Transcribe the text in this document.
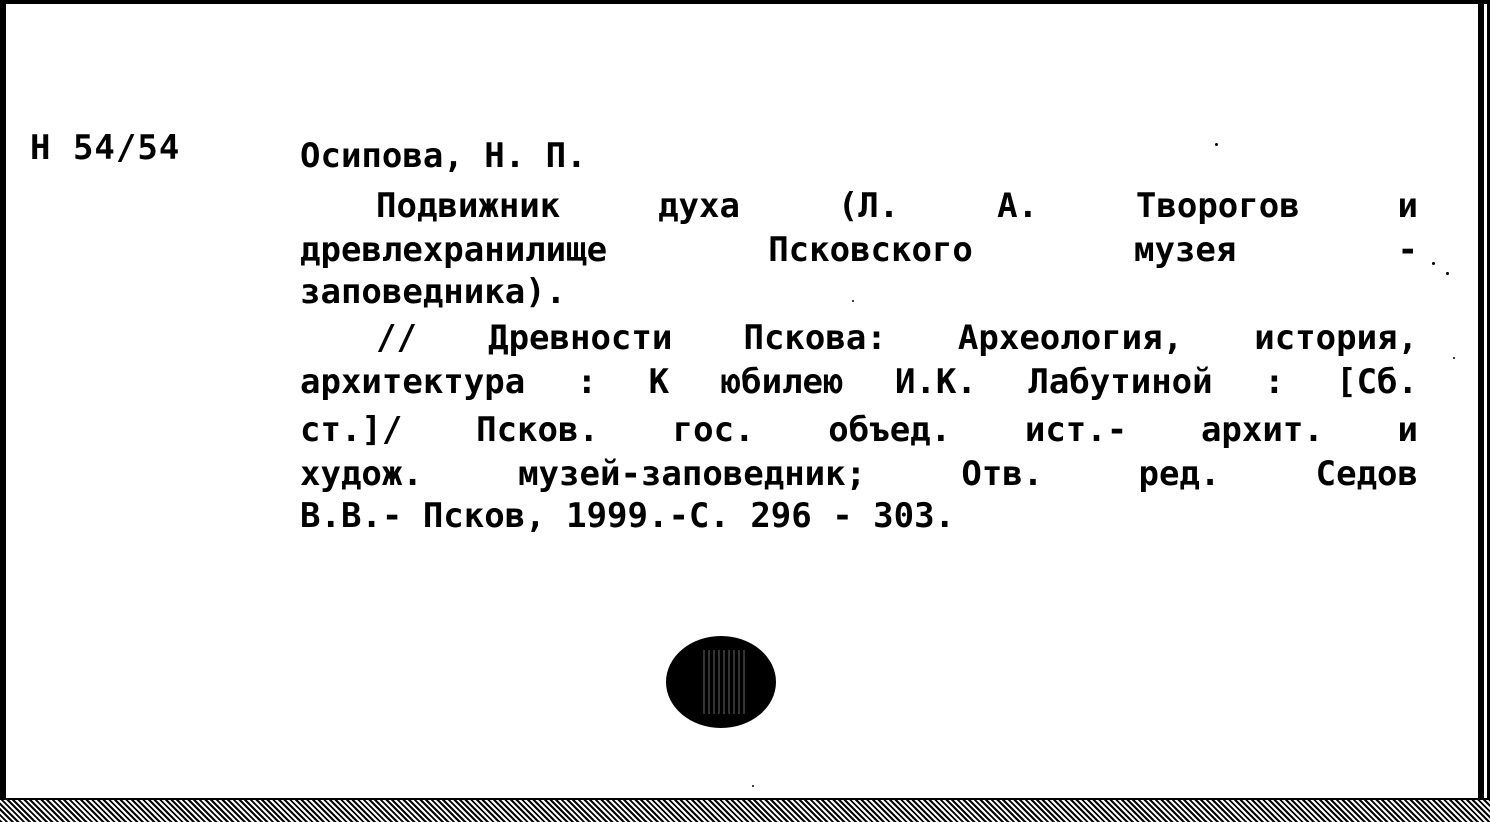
Н 54/54	Осипова, Н. П.
Подвижник духа (Л. А. Творогов и
древлехранилище Псковского музея -
заповедника).
// Древности Пскова: Археология, история,
архитектура : К юбилею И.К. Лабутиной : [Сб.
ст.]/ Псков. гос. объед. ист.- архит. и
худож. музей-заповедник; Отв. ред. Седов
В.В.- Псков, 1999.-С. 296 - 303.
